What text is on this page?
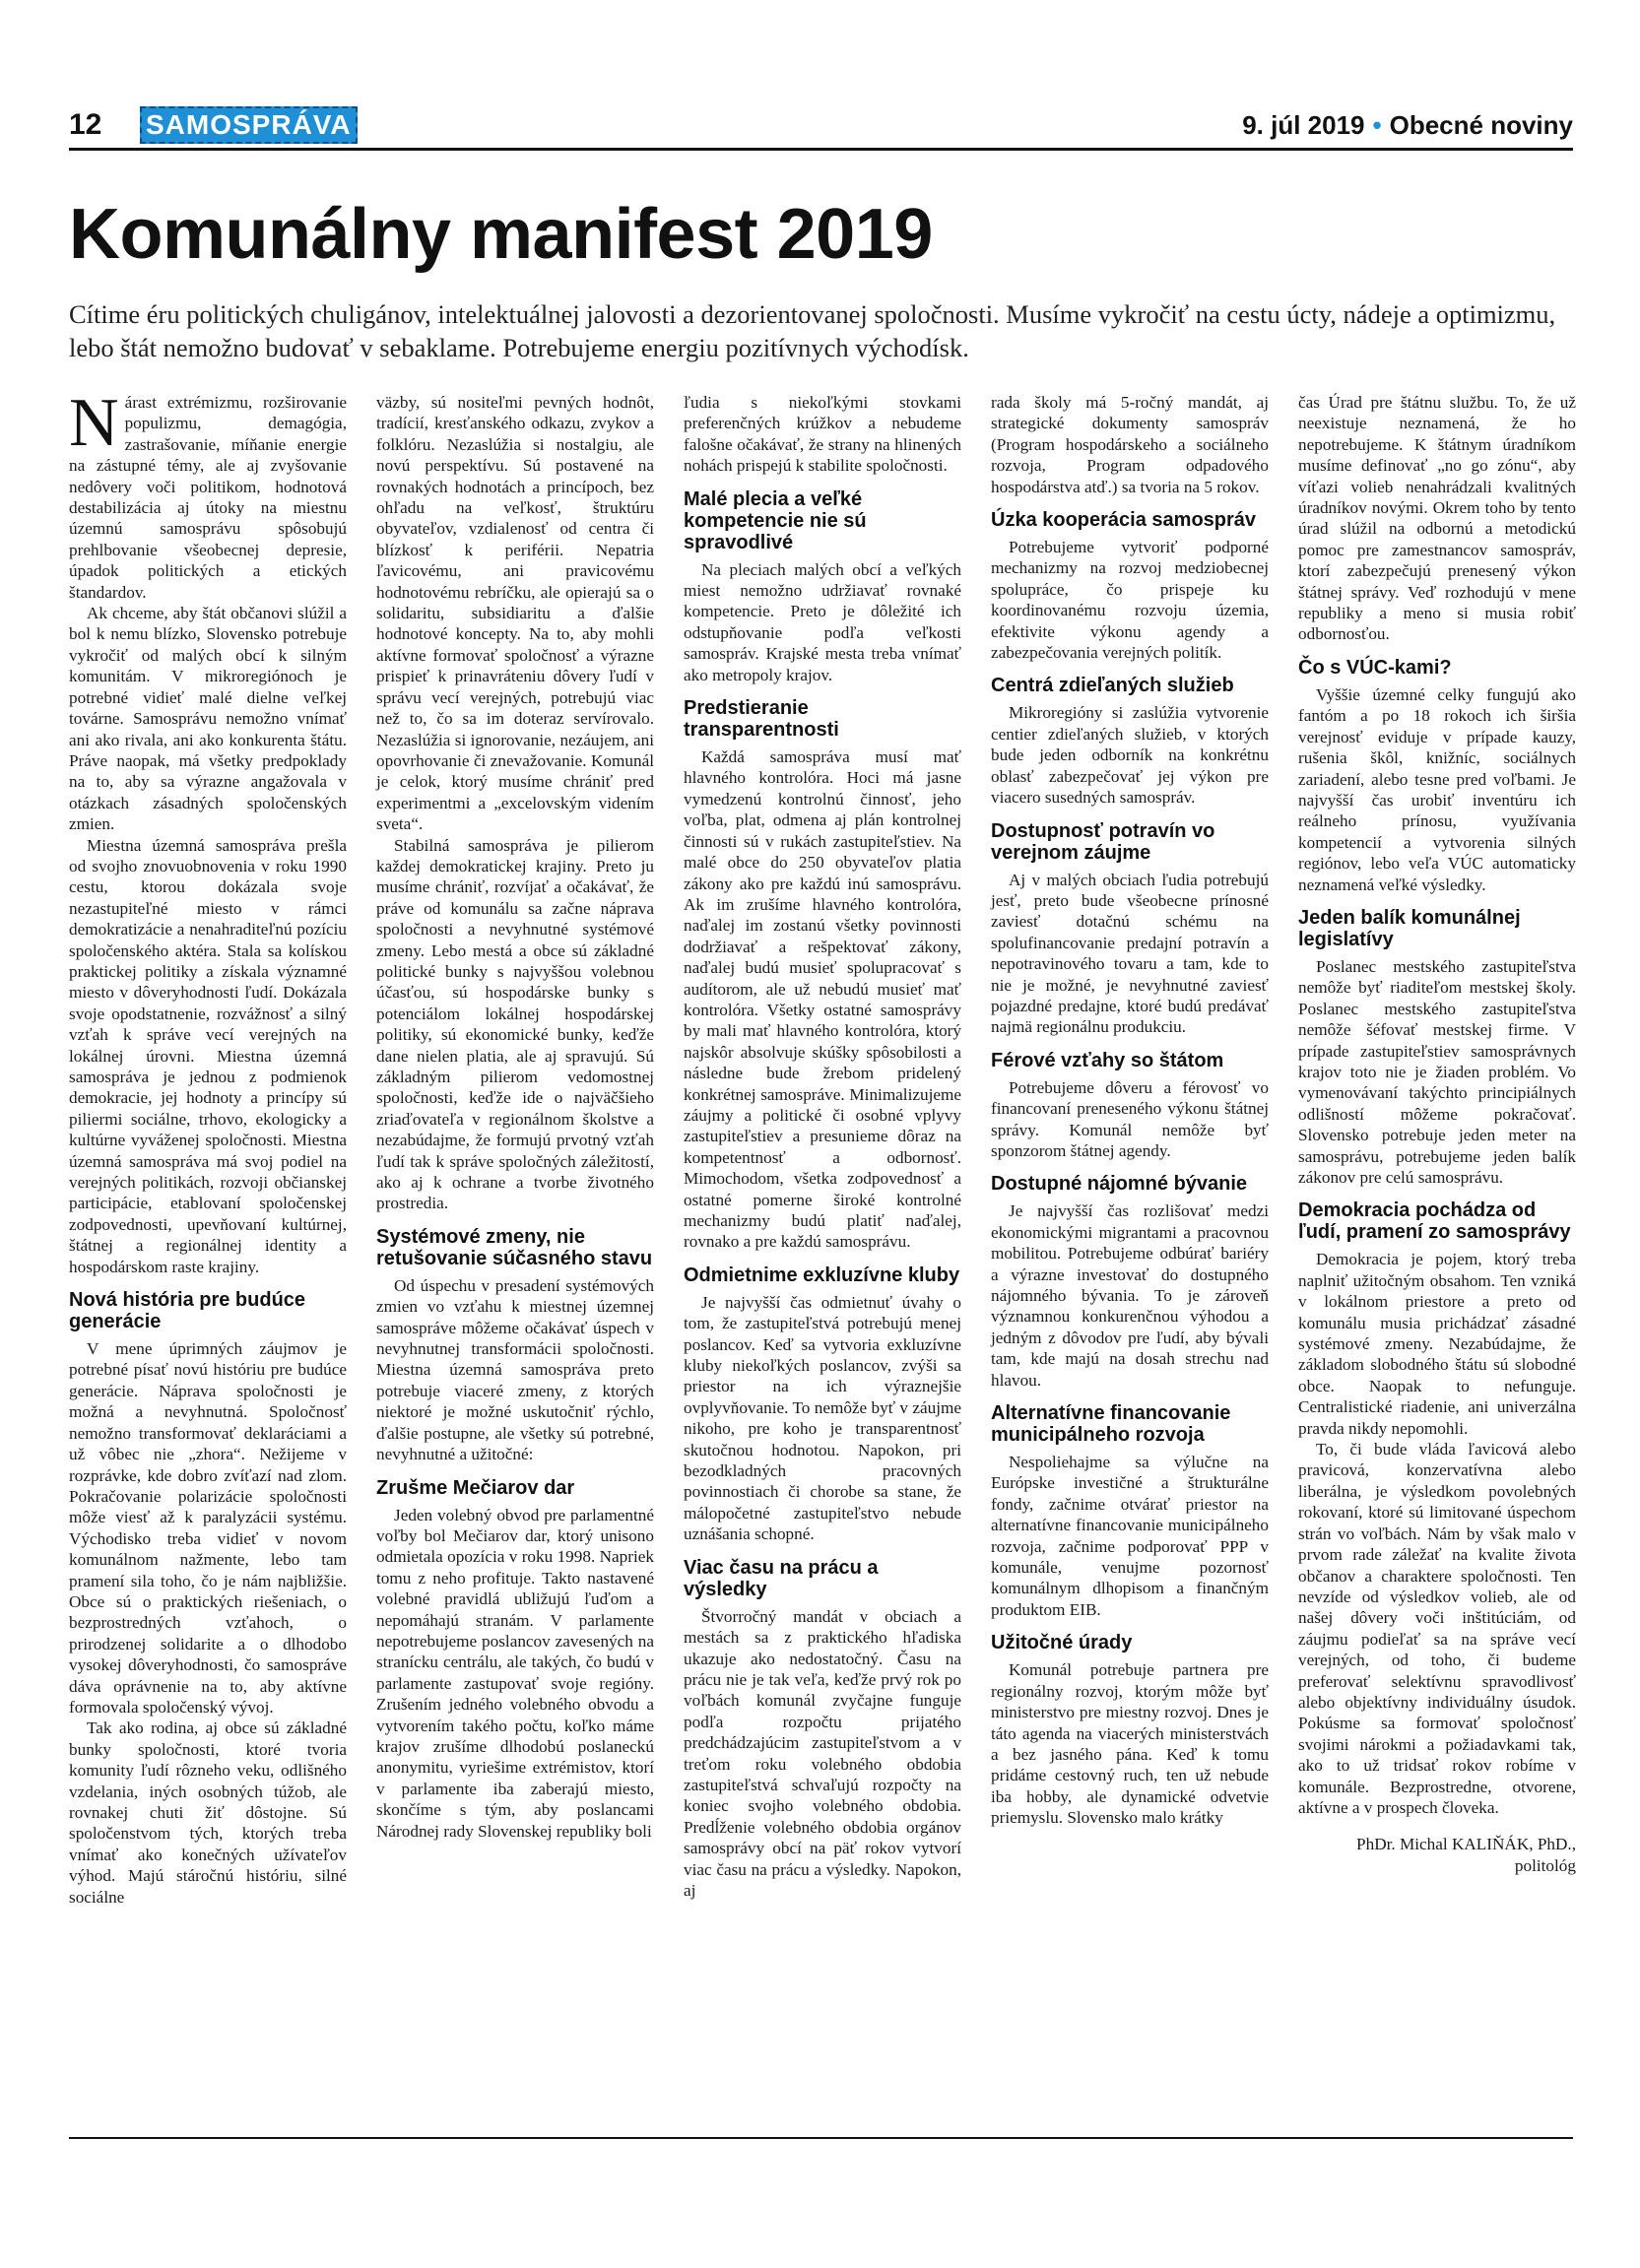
12 SAMOSPRÁVA	9. júl 2019 • Obecné noviny
Komunálny manifest 2019

Cítime éru politických chuligánov, intelektuálnej jalovosti a dezorientovanej spoločnosti. Musíme vykročiť na cestu úcty, nádeje a optimizmu, lebo štát nemožno budovať v sebaklame. Potrebujeme energiu pozitívnych východísk.

Nárast extrémizmu, rozširovanie populizmu, demagógia, zastrašovanie, míňanie energie na zástupné témy, ale aj zvyšovanie nedôvery voči politikom, hodnotová destabilizácia aj útoky na miestnu územnú samosprávu spôsobujú prehlbovanie všeobecnej depresie, úpadok politických a etických štandardov.

Ak chceme, aby štát občanovi slúžil a bol k nemu blízko, Slovensko potrebuje vykročiť od malých obcí k silným komunitám. V mikroregiónoch je potrebné vidieť malé dielne veľkej továrne. Samosprávu nemožno vnímať ani ako rivala, ani ako konkurenta štátu. Práve naopak, má všetky predpoklady na to, aby sa výrazne angažovala v otázkach zásadných spoločenských zmien.

Miestna územná samospráva prešla od svojho znovuobnovenia v roku 1990 cestu, ktorou dokázala svoje nezastupiteľné miesto v rámci demokratizácie a nenahraditeľnú pozíciu spoločenského aktéra. Stala sa kolískou praktickej politiky a získala významné miesto v dôveryhodnosti ľudí. Dokázala svoje opodstatnenie, rozvážnosť a silný vzťah k správe vecí verejných na lokálnej úrovni. Miestna územná samospráva je jednou z podmienok demokracie, jej hodnoty a princípy sú piliermi sociálne, trhovo, ekologicky a kultúrne vyváženej spoločnosti. Miestna územná samospráva má svoj podiel na verejných politikách, rozvoji občianskej participácie, etablovaní spoločenskej zodpovednosti, upevňovaní kultúrnej, štátnej a regionálnej identity a hospodárskom raste krajiny.

Nová história pre budúce generácie

V mene úprimných záujmov je potrebné písať novú históriu pre budúce generácie. Náprava spoločnosti je možná a nevyhnutná. Spoločnosť nemožno transformovať deklaráciami a už vôbec nie „zhora“. Nežijeme v rozprávke, kde dobro zvíťazí nad zlom. Pokračovanie polarizácie spoločnosti môže viesť až k paralyzácii systému. Východisko treba vidieť v novom komunálnom nažmente, lebo tam pramení sila toho, čo je nám najbližšie. Obce sú o praktických riešeniach, o bezprostredných vzťahoch, o prirodzenej solidarite a o dlhodobo vysokej dôveryhodnosti, čo samospráve dáva oprávnenie na to, aby aktívne formovala spoločenský vývoj.

Tak ako rodina, aj obce sú základné bunky spoločnosti, ktoré tvoria komunity ľudí rôzneho veku, odlišného vzdelania, iných osobných túžob, ale rovnakej chuti žiť dôstojne. Sú spoločenstvom tých, ktorých treba vnímať ako konečných užívateľov výhod. Majú stáročnú históriu, silné sociálne

väzby, sú nositeľmi pevných hodnôt, tradícií, kresťanského odkazu, zvykov a folklóru. Nezaslúžia si nostalgiu, ale novú perspektívu. Sú postavené na rovnakých hodnotách a princípoch, bez ohľadu na veľkosť, štruktúru obyvateľov, vzdialenosť od centra či blízkosť k periférii. Nepatria ľavicovému, ani pravicovému hodnotovému rebríčku, ale opierajú sa o solidaritu, subsidiaritu a ďalšie hodnotové koncepty. Na to, aby mohli aktívne formovať spoločnosť a výrazne prispieť k prinavráteniu dôvery ľudí v správu vecí verejných, potrebujú viac než to, čo sa im doteraz servírovalo. Nezaslúžia si ignorovanie, nezáujem, ani opovrhovanie či znevažovanie. Komunál je celok, ktorý musíme chrániť pred experimentmi a „excelovským videním sveta“.

Stabilná samospráva je pilierom každej demokratickej krajiny. Preto ju musíme chrániť, rozvíjať a očakávať, že práve od komunálu sa začne náprava spoločnosti a nevyhnutné systémové zmeny. Lebo mestá a obce sú základné politické bunky s najvyššou volebnou účasťou, sú hospodárske bunky s potenciálom lokálnej hospodárskej politiky, sú ekonomické bunky, keďže dane nielen platia, ale aj spravujú. Sú základným pilierom vedomostnej spoločnosti, keďže ide o najväčšieho zriaďovateľa v regionálnom školstve a nezabúdajme, že formujú prvotný vzťah ľudí tak k správe spoločných záležitostí, ako aj k ochrane a tvorbe životného prostredia.

Systémové zmeny, nie retušovanie súčasného stavu

Od úspechu v presadení systémových zmien vo vzťahu k miestnej územnej samospráve môžeme očakávať úspech v nevyhnutnej transformácii spoločnosti. Miestna územná samospráva preto potrebuje viaceré zmeny, z ktorých niektoré je možné uskutočniť rýchlo, ďalšie postupne, ale všetky sú potrebné, nevyhnutné a užitočné:

Zrušme Mečiarov dar

Jeden volebný obvod pre parlamentné voľby bol Mečiarov dar, ktorý unisono odmietala opozícia v roku 1998. Napriek tomu z neho profituje. Takto nastavené volebné pravidlá ubližujú ľuďom a nepomáhajú stranám. V parlamente nepotrebujeme poslancov zavesených na stranícku centrálu, ale takých, čo budú v parlamente zastupovať svoje regióny. Zrušením jedného volebného obvodu a vytvorením takého počtu, koľko máme krajov zrušíme dlhodobú poslaneckú anonymitu, vyriešime extrémistov, ktorí v parlamente iba zaberajú miesto, skončíme s tým, aby poslancami Národnej rady Slovenskej republiky boli

ľudia s niekoľkými stovkami preferenčných krúžkov a nebudeme falošne očakávať, že strany na hlinených nohách prispejú k stabilite spoločnosti.

Malé plecia a veľké kompetencie nie sú spravodlivé

Na pleciach malých obcí a veľkých miest nemožno udržiavať rovnaké kompetencie. Preto je dôležité ich odstupňovanie podľa veľkosti samospráv. Krajské mesta treba vnímať ako metropoly krajov.

Predstieranie transparentnosti

Každá samospráva musí mať hlavného kontrolóra. Hoci má jasne vymedzenú kontrolnú činnosť, jeho voľba, plat, odmena aj plán kontrolnej činnosti sú v rukách zastupiteľstiev. Na malé obce do 250 obyvateľov platia zákony ako pre každú inú samosprávu. Ak im zrušíme hlavného kontrolóra, naďalej im zostanú všetky povinnosti dodržiavať a rešpektovať zákony, naďalej budú musieť spolupracovať s audítorom, ale už nebudú musieť mať kontrolóra. Všetky ostatné samosprávy by mali mať hlavného kontrolóra, ktorý najskôr absolvuje skúšky spôsobilosti a následne bude žrebom pridelený konkrétnej samospráve. Minimalizujeme záujmy a politické či osobné vplyvy zastupiteľstiev a presunieme dôraz na kompetentnosť a odbornosť. Mimochodom, všetka zodpovednosť a ostatné pomerne široké kontrolné mechanizmy budú platiť naďalej, rovnako a pre každú samosprávu.

Odmietnime exkluzívne kluby

Je najvyšší čas odmietnuť úvahy o tom, že zastupiteľstvá potrebujú menej poslancov. Keď sa vytvoria exkluzívne kluby niekoľkých poslancov, zvýši sa priestor na ich výraznejšie ovplyvňovanie. To nemôže byť v záujme nikoho, pre koho je transparentnosť skutočnou hodnotou. Napokon, pri bezodkladných pracovných povinnostiach či chorobe sa stane, že málopočetné zastupiteľstvo nebude uznášania schopné.

Viac času na prácu a výsledky

Štvorročný mandát v obciach a mestách sa z praktického hľadiska ukazuje ako nedostatočný. Času na prácu nie je tak veľa, keďže prvý rok po voľbách komunál zvyčajne funguje podľa rozpočtu prijatého predchádzajúcim zastupiteľstvom a v treťom roku volebného obdobia zastupiteľstvá schvaľujú rozpočty na koniec svojho volebného obdobia. Predĺženie volebného obdobia orgánov samosprávy obcí na päť rokov vytvorí viac času na prácu a výsledky. Napokon, aj

rada školy má 5-ročný mandát, aj strategické dokumenty samospráv (Program hospodárskeho a sociálneho rozvoja, Program odpadového hospodárstva atď.) sa tvoria na 5 rokov.

Úzka kooperácia samospráv

Potrebujeme vytvoriť podporné mechanizmy na rozvoj medziobecnej spolupráce, čo prispeje ku koordinovanému rozvoju územia, efektivite výkonu agendy a zabezpečovania verejných politík.

Centrá zdieľaných služieb

Mikroregióny si zaslúžia vytvorenie centier zdieľaných služieb, v ktorých bude jeden odborník na konkrétnu oblasť zabezpečovať jej výkon pre viacero susedných samospráv.

Dostupnosť potravín vo verejnom záujme

Aj v malých obciach ľudia potrebujú jesť, preto bude všeobecne prínosné zaviesť dotačnú schému na spolufinancovanie predajní potravín a nepotravinového tovaru a tam, kde to nie je možné, je nevyhnutné zaviesť pojazdné predajne, ktoré budú predávať najmä regionálnu produkciu.

Férové vzťahy so štátom

Potrebujeme dôveru a férovosť vo financovaní preneseného výkonu štátnej správy. Komunál nemôže byť sponzorom štátnej agendy.

Dostupné nájomné bývanie

Je najvyšší čas rozlišovať medzi ekonomickými migrantami a pracovnou mobilitou. Potrebujeme odbúrať bariéry a výrazne investovať do dostupného nájomného bývania. To je zároveň významnou konkurenčnou výhodou a jedným z dôvodov pre ľudí, aby bývali tam, kde majú na dosah strechu nad hlavou.

Alternatívne financovanie municipálneho rozvoja

Nespoliehajme sa výlučne na Európske investičné a štrukturálne fondy, začnime otvárať priestor na alternatívne financovanie municipálneho rozvoja, začnime podporovať PPP v komunále, venujme pozornosť komunálnym dlhopisom a finančným produktom EIB.

Užitočné úrady

Komunál potrebuje partnera pre regionálny rozvoj, ktorým môže byť ministerstvo pre miestny rozvoj. Dnes je táto agenda na viacerých ministerstvách a bez jasného pána. Keď k tomu pridáme cestovný ruch, ten už nebude iba hobby, ale dynamické odvetvie priemyslu. Slovensko malo krátky

čas Úrad pre štátnu službu. To, že už neexistuje neznamená, že ho nepotrebujeme. K štátnym úradníkom musíme definovať „no go zónu“, aby víťazi volieb nenahrádzali kvalitných úradníkov novými. Okrem toho by tento úrad slúžil na odbornú a metodickú pomoc pre zamestnancov samospráv, ktorí zabezpečujú prenesený výkon štátnej správy. Veď rozhodujú v mene republiky a meno si musia robiť odbornosťou.

Čo s VÚC-kami?

Vyššie územné celky fungujú ako fantóm a po 18 rokoch ich širšia verejnosť eviduje v prípade kauzy, rušenia škôl, knižníc, sociálnych zariadení, alebo tesne pred voľbami. Je najvyšší čas urobiť inventúru ich reálneho prínosu, využívania kompetencií a vytvorenia silných regiónov, lebo veľa VÚC automaticky neznamená veľké výsledky.

Jeden balík komunálnej legislatívy

Poslanec mestského zastupiteľstva nemôže byť riaditeľom mestskej školy. Poslanec mestského zastupiteľstva nemôže šéfovať mestskej firme. V prípade zastupiteľstiev samosprávnych krajov toto nie je žiaden problém. Vo vymenovávaní takýchto principiálnych odlišností môžeme pokračovať. Slovensko potrebuje jeden meter na samosprávu, potrebujeme jeden balík zákonov pre celú samosprávu.

Demokracia pochádza od ľudí, pramení zo samosprávy

Demokracia je pojem, ktorý treba naplniť užitočným obsahom. Ten vzniká v lokálnom priestore a preto od komunálu musia prichádzať zásadné systémové zmeny. Nezabúdajme, že základom slobodného štátu sú slobodné obce. Naopak to nefunguje. Centralistické riadenie, ani univerzálna pravda nikdy nepomohli.

To, či bude vláda ľavicová alebo pravicová, konzervatívna alebo liberálna, je výsledkom povolebných rokovaní, ktoré sú limitované úspechom strán vo voľbách. Nám by však malo v prvom rade záležať na kvalite života občanov a charaktere spoločnosti. Ten nevzíde od výsledkov volieb, ale od našej dôvery voči inštitúciám, od záujmu podieľať sa na správe vecí verejných, od toho, či budeme preferovať selektívnu spravodlivosť alebo objektívny individuálny úsudok. Pokúsme sa formovať spoločnosť svojimi nárokmi a požiadavkami tak, ako to už tridsať rokov robíme v komunále. Bezprostredne, otvorene, aktívne a v prospech človeka.

PhDr. Michal KALIŇÁK, PhD.,
politológ
